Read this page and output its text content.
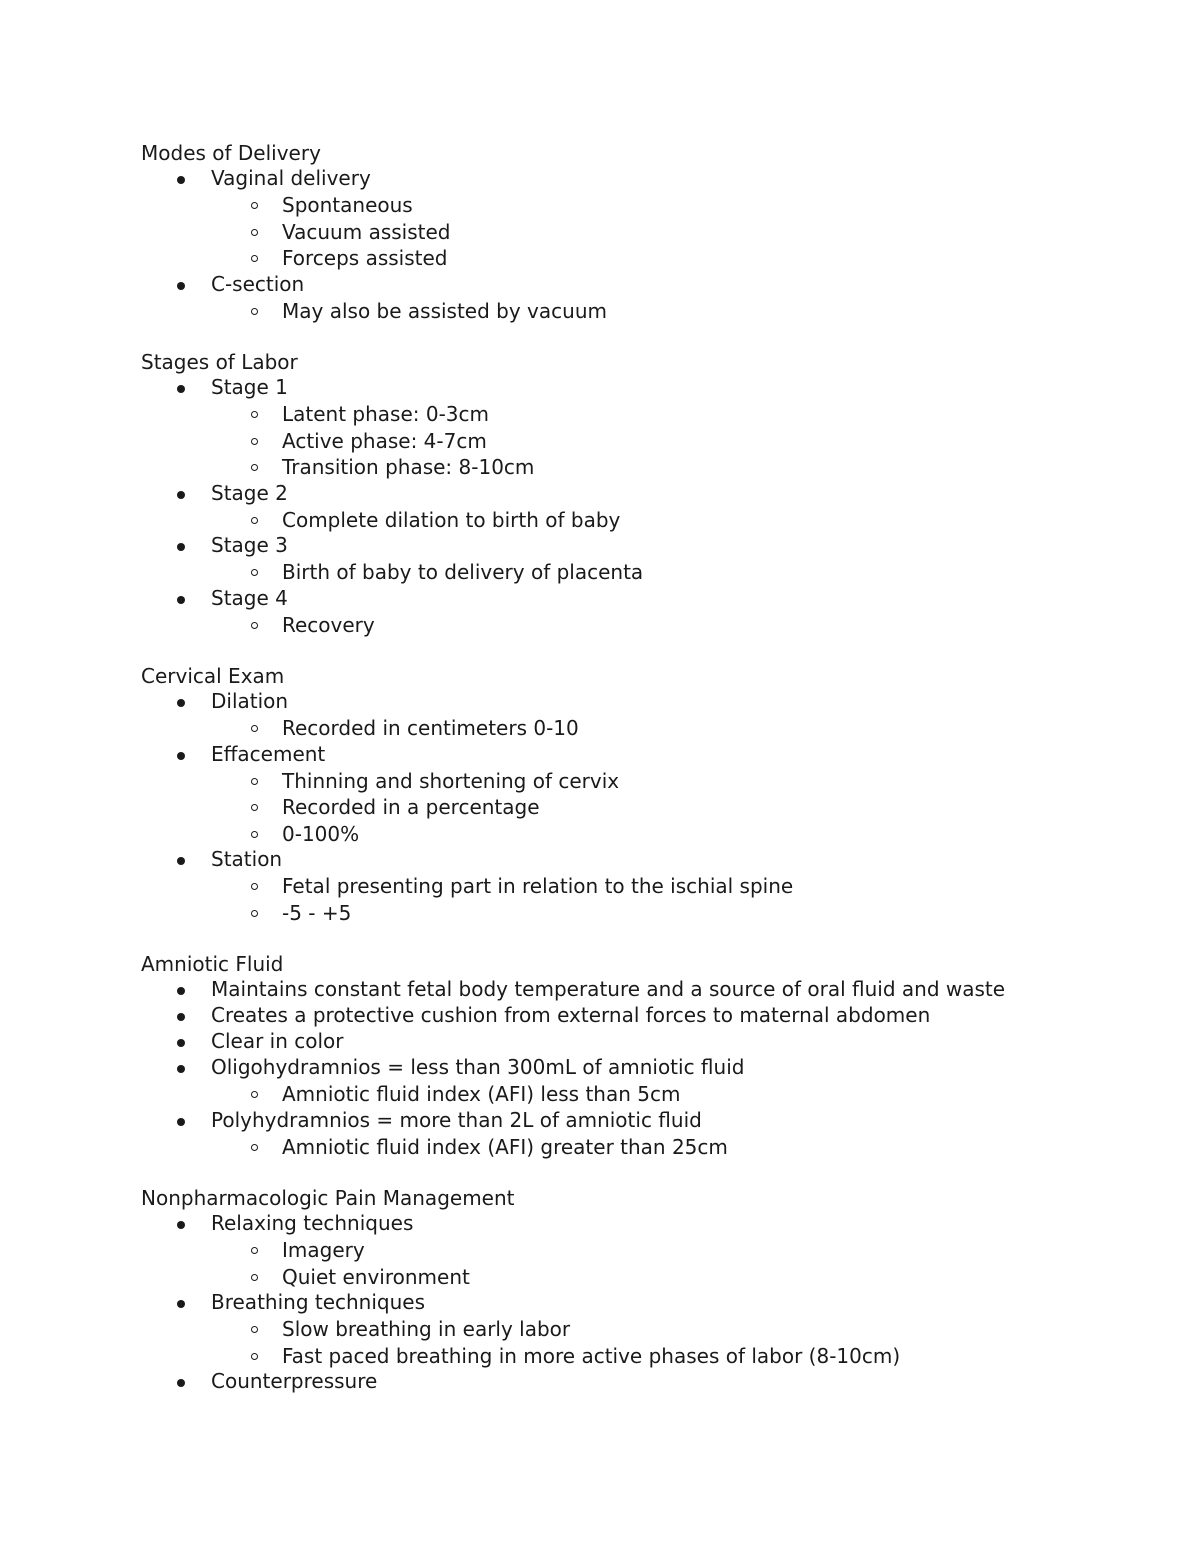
Modes of Delivery
Vaginal delivery
Spontaneous
Vacuum assisted
Forceps assisted
C-section
May also be assisted by vacuum
Stages of Labor
Stage 1
Latent phase: 0-3cm
Active phase: 4-7cm
Transition phase: 8-10cm
Stage 2
Complete dilation to birth of baby
Stage 3
Birth of baby to delivery of placenta
Stage 4
Recovery
Cervical Exam
Dilation
Recorded in centimeters 0-10
Effacement
Thinning and shortening of cervix
Recorded in a percentage
0-100%
Station
Fetal presenting part in relation to the ischial spine
-5 - +5
Amniotic Fluid
Maintains constant fetal body temperature and a source of oral fluid and waste
Creates a protective cushion from external forces to maternal abdomen
Clear in color
Oligohydramnios = less than 300mL of amniotic fluid
Amniotic fluid index (AFI) less than 5cm
Polyhydramnios = more than 2L of amniotic fluid
Amniotic fluid index (AFI) greater than 25cm
Nonpharmacologic Pain Management
Relaxing techniques
Imagery
Quiet environment
Breathing techniques
Slow breathing in early labor
Fast paced breathing in more active phases of labor (8-10cm)
Counterpressure
